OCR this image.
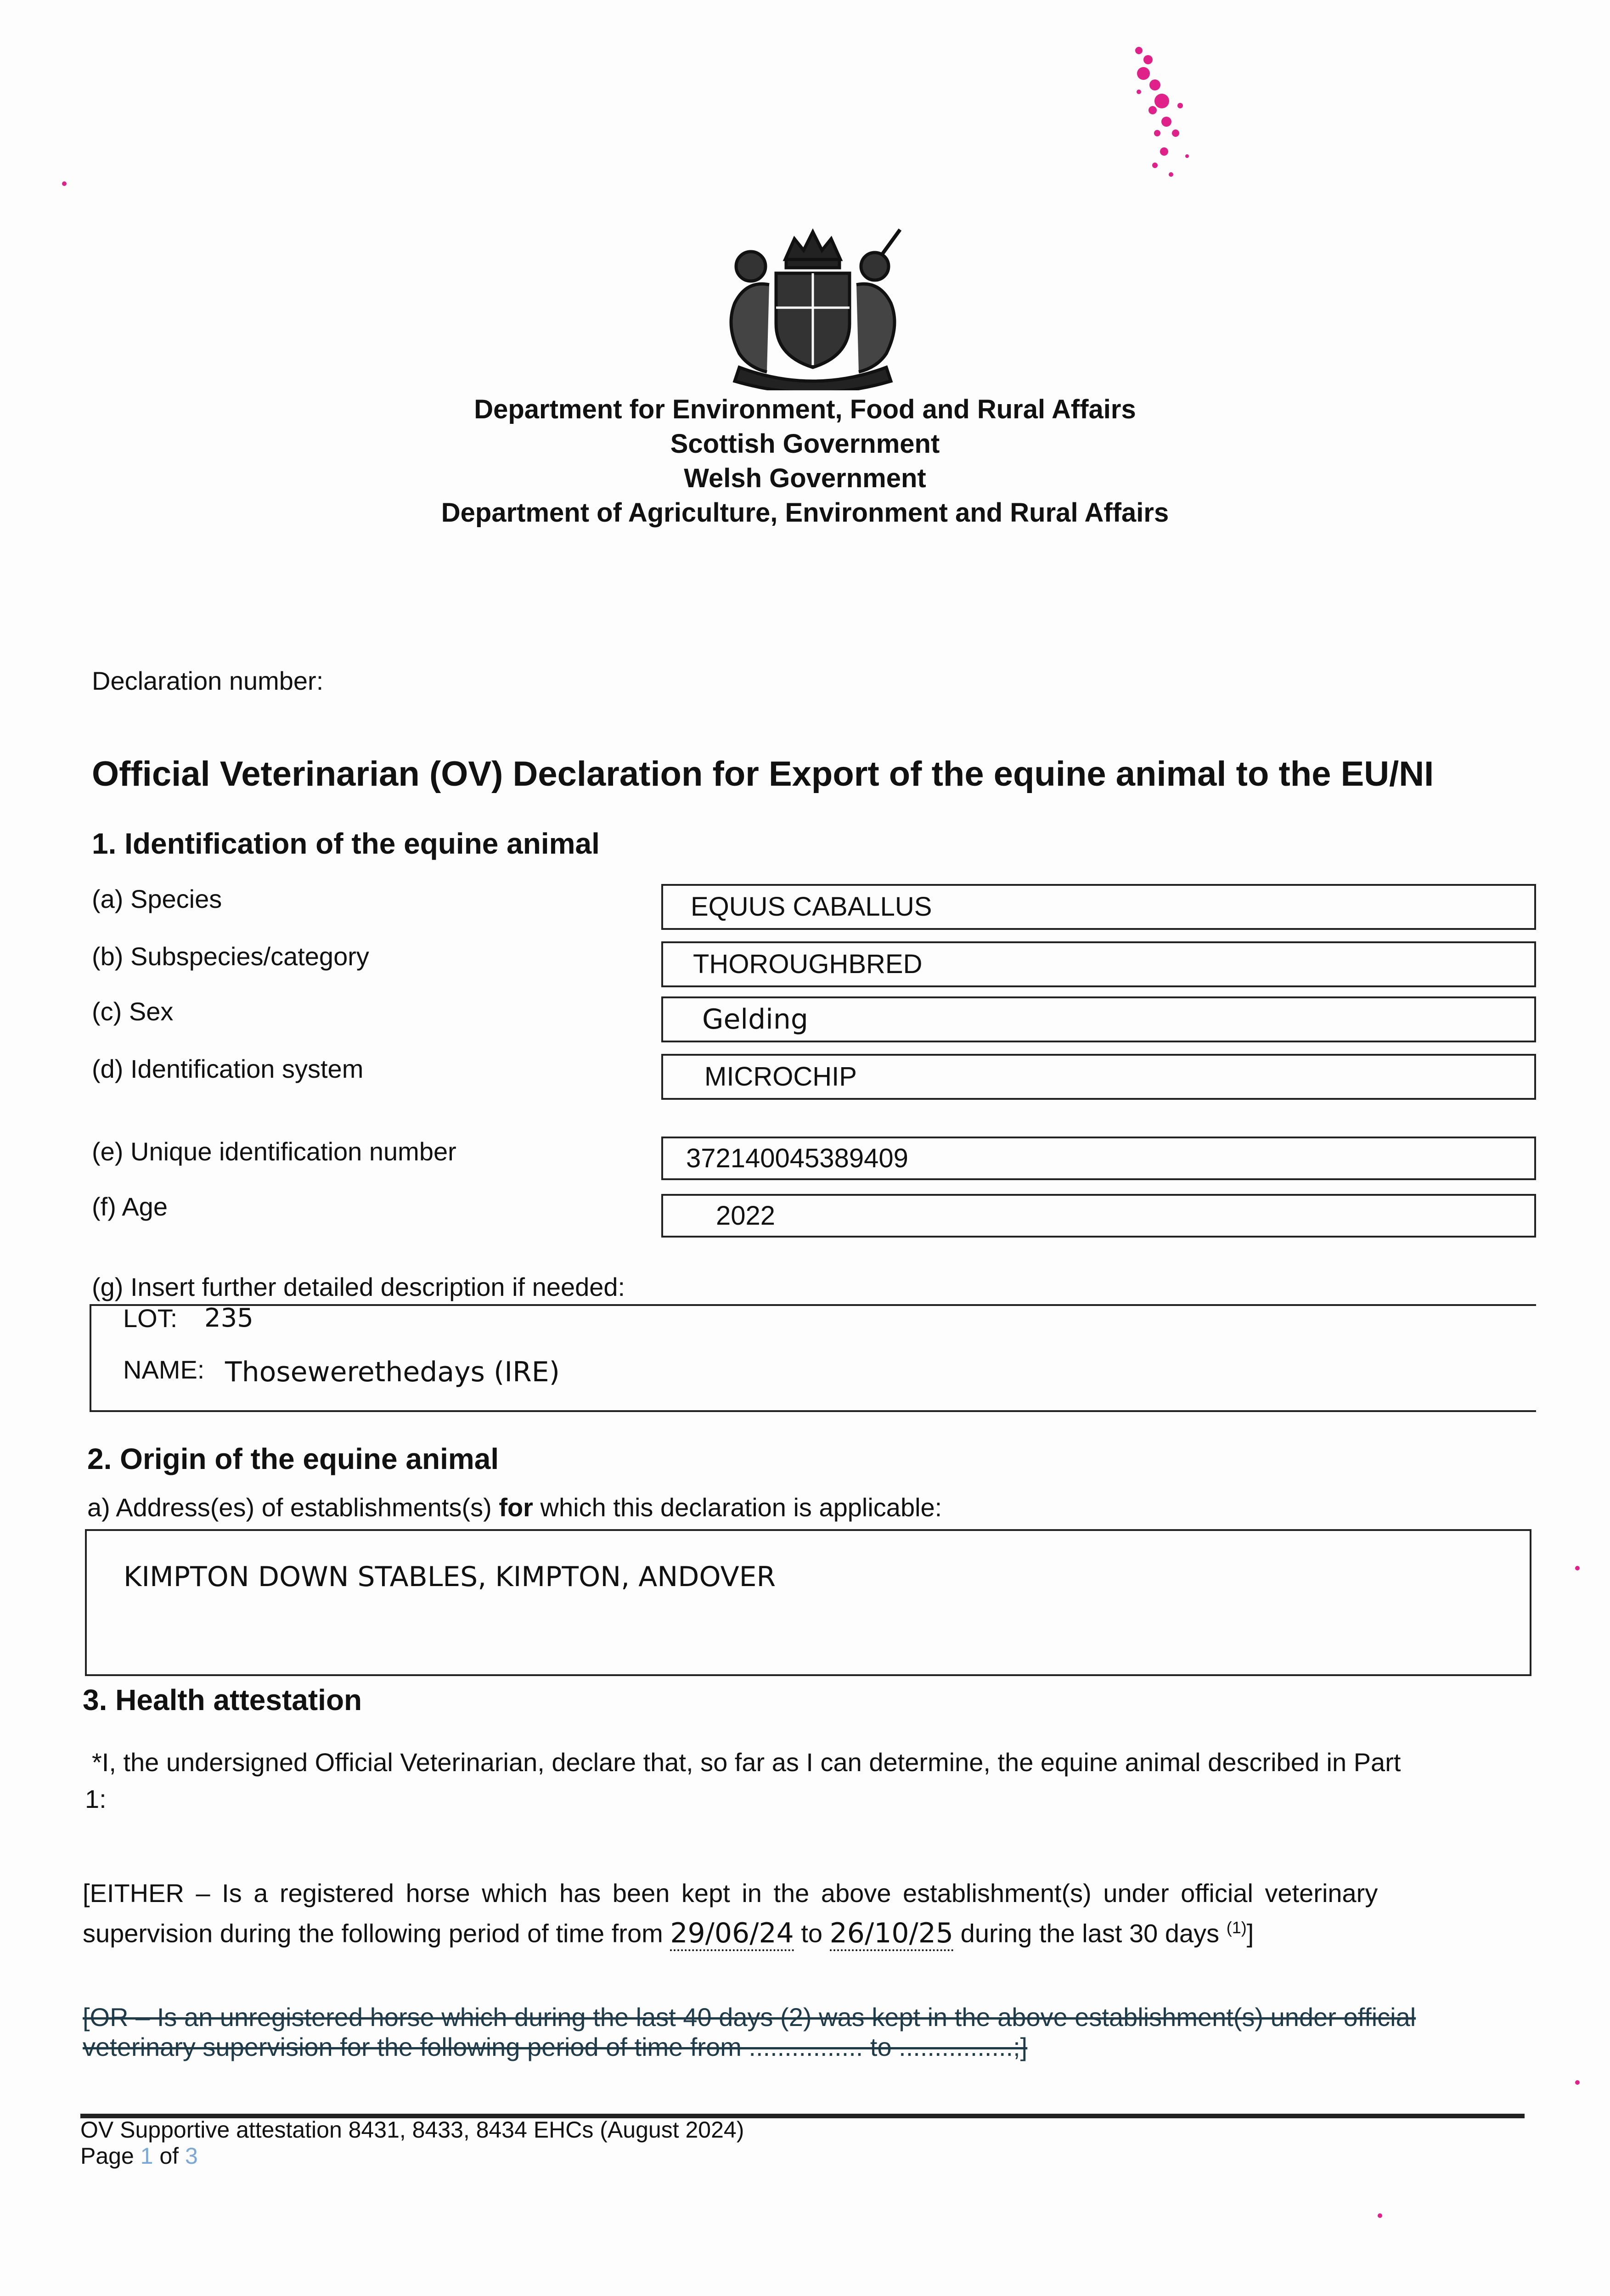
Department for Environment, Food and Rural Affairs
Scottish Government
Welsh Government
Department of Agriculture, Environment and Rural Affairs
Declaration number:
Official Veterinarian (OV) Declaration for Export of the equine animal to the EU/NI
1. Identification of the equine animal
(a) Species	EQUUS CABALLUS
(b) Subspecies/category	THOROUGHBRED
(c) Sex	Gelding
(d) Identification system	MICROCHIP
(e) Unique identification number	372140045389409
(f) Age	2022
(g) Insert further detailed description if needed:
LOT: 235
NAME: Thosewerethedays (IRE)
2. Origin of the equine animal
a) Address(es) of establishments(s) for which this declaration is applicable:
KIMPTON DOWN STABLES, KIMPTON, ANDOVER
3. Health attestation
*I, the undersigned Official Veterinarian, declare that, so far as I can determine, the equine animal described in Part
1:
[EITHER – Is a registered horse which has been kept in the above establishment(s) under official veterinary
supervision during the following period of time from 29/06/24 to 26/10/25 during the last 30 days $^{(1)}$]
[OR – Is an unregistered horse which during the last 40 days (2) was kept in the above establishment(s) under official
veterinary supervision for the following period of time from ................ to ................;]
OV Supportive attestation 8431, 8433, 8434 EHCs (August 2024)
Page 1 of 3
